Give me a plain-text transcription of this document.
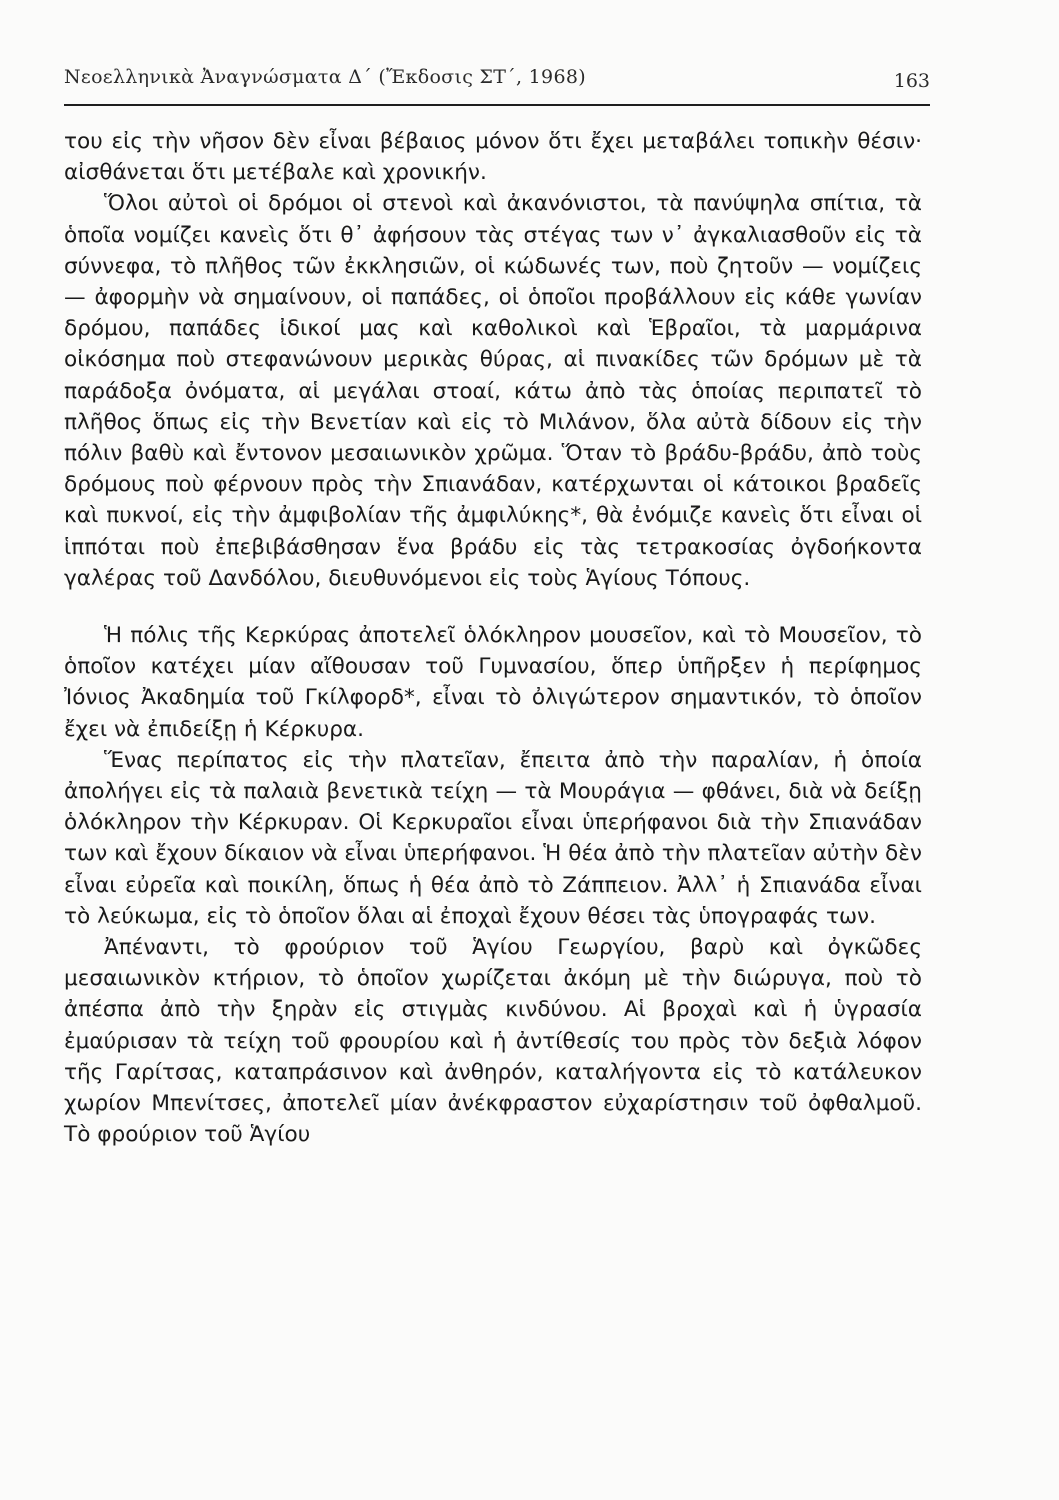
Νεοελληνικὰ Ἀναγνώσματα Δ΄ (Ἔκδοσις ΣΤ΄, 1968)	163

του εἰς τὴν νῆσον δὲν εἶναι βέβαιος μόνον ὅτι ἔχει μεταβάλει τοπικὴν θέσιν· αἰσθάνεται ὅτι μετέβαλε καὶ χρονικήν.

Ὅλοι αὐτοὶ οἱ δρόμοι οἱ στενοὶ καὶ ἀκανόνιστοι, τὰ πανύψηλα σπίτια, τὰ ὁποῖα νομίζει κανεὶς ὅτι θ᾿ ἀφήσουν τὰς στέγας των ν᾿ ἀγκαλιασθοῦν εἰς τὰ σύννεφα, τὸ πλῆθος τῶν ἐκκλησιῶν, οἱ κώδωνές των, ποὺ ζητοῦν — νομίζεις — ἀφορμὴν νὰ σημαίνουν, οἱ παπάδες, οἱ ὁποῖοι προβάλλουν εἰς κάθε γωνίαν δρόμου, παπάδες ἰδικοί μας καὶ καθολικοὶ καὶ Ἑβραῖοι, τὰ μαρμάρινα οἰκόσημα ποὺ στεφανώνουν μερικὰς θύρας, αἱ πινακίδες τῶν δρόμων μὲ τὰ παράδοξα ὀνόματα, αἱ μεγάλαι στοαί, κάτω ἀπὸ τὰς ὁποίας περιπατεῖ τὸ πλῆθος ὅπως εἰς τὴν Βενετίαν καὶ εἰς τὸ Μιλάνον, ὅλα αὐτὰ δίδουν εἰς τὴν πόλιν βαθὺ καὶ ἔντονον μεσαιωνικὸν χρῶμα. Ὅταν τὸ βράδυ-βράδυ, ἀπὸ τοὺς δρόμους ποὺ φέρνουν πρὸς τὴν Σπιανάδαν, κατέρχωνται οἱ κάτοικοι βραδεῖς καὶ πυκνοί, εἰς τὴν ἀμφιβολίαν τῆς ἀμφιλύκης*, θὰ ἐνόμιζε κανεὶς ὅτι εἶναι οἱ ἱππόται ποὺ ἐπεβιβάσθησαν ἕνα βράδυ εἰς τὰς τετρακοσίας ὀγδοήκοντα γαλέρας τοῦ Δανδόλου, διευθυνόμενοι εἰς τοὺς Ἁγίους Τόπους.

Ἡ πόλις τῆς Κερκύρας ἀποτελεῖ ὁλόκληρον μουσεῖον, καὶ τὸ Μουσεῖον, τὸ ὁποῖον κατέχει μίαν αἴθουσαν τοῦ Γυμνασίου, ὅπερ ὑπῆρξεν ἡ περίφημος Ἰόνιος Ἀκαδημία τοῦ Γκίλφορδ*, εἶναι τὸ ὀλιγώτερον σημαντικόν, τὸ ὁποῖον ἔχει νὰ ἐπιδείξῃ ἡ Κέρκυρα.

Ἕνας περίπατος εἰς τὴν πλατεῖαν, ἔπειτα ἀπὸ τὴν παραλίαν, ἡ ὁποία ἀπολήγει εἰς τὰ παλαιὰ βενετικὰ τείχη — τὰ Μουράγια — φθάνει, διὰ νὰ δείξῃ ὁλόκληρον τὴν Κέρκυραν. Οἱ Κερκυραῖοι εἶναι ὑπερήφανοι διὰ τὴν Σπιανάδαν των καὶ ἔχουν δίκαιον νὰ εἶναι ὑπερήφανοι. Ἡ θέα ἀπὸ τὴν πλατεῖαν αὐτὴν δὲν εἶναι εὐρεῖα καὶ ποικίλη, ὅπως ἡ θέα ἀπὸ τὸ Ζάππειον. Ἀλλ᾿ ἡ Σπιανάδα εἶναι τὸ λεύκωμα, εἰς τὸ ὁποῖον ὅλαι αἱ ἐποχαὶ ἔχουν θέσει τὰς ὑπογραφάς των.

Ἀπέναντι, τὸ φρούριον τοῦ Ἁγίου Γεωργίου, βαρὺ καὶ ὀγκῶδες μεσαιωνικὸν κτήριον, τὸ ὁποῖον χωρίζεται ἀκόμη μὲ τὴν διώρυγα, ποὺ τὸ ἀπέσπα ἀπὸ τὴν ξηρὰν εἰς στιγμὰς κινδύνου. Αἱ βροχαὶ καὶ ἡ ὑγρασία ἐμαύρισαν τὰ τείχη τοῦ φρουρίου καὶ ἡ ἀντίθεσίς του πρὸς τὸν δεξιὰ λόφον τῆς Γαρίτσας, καταπράσινον καὶ ἀνθηρόν, καταλήγοντα εἰς τὸ κατάλευκον χωρίον Μπενίτσες, ἀποτελεῖ μίαν ἀνέκφραστον εὐχαρίστησιν τοῦ ὀφθαλμοῦ. Τὸ φρούριον τοῦ Ἁγίου
